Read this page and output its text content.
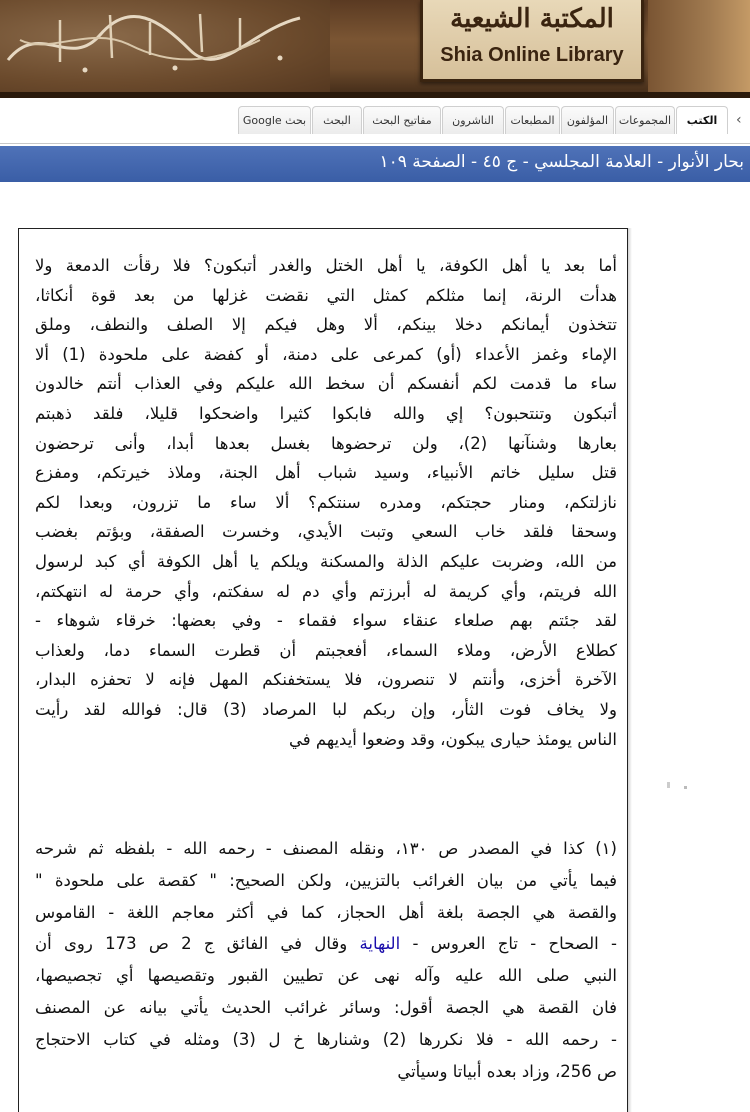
المكتبة الشيعية
Shia Online Library
الكتب
المجموعات
المؤلفون
المطبعات
الناشرون
مفاتيح البحث
البحث
بحث Google	‹
بحار الأنوار - العلامة المجلسي - ج ٤٥ - الصفحة ١٠٩
أما بعد يا أهل الكوفة، يا أهل الختل والغدر أتبكون؟ فلا رقأت الدمعة ولا
هدأت الرنة، إنما مثلكم كمثل التي نقضت غزلها من بعد قوة أنكاثا،
تتخذون أيمانكم دخلا بينكم، ألا وهل فيكم إلا الصلف والنطف، وملق
الإماء وغمز الأعداء (أو) كمرعى على دمنة، أو كفضة على ملحودة (1) ألا
ساء ما قدمت لكم أنفسكم أن سخط الله عليكم وفي العذاب أنتم خالدون
أتبكون وتنتحبون؟ إي والله فابكوا كثيرا واضحكوا قليلا، فلقد ذهبتم
بعارها وشنآنها (2)، ولن ترحضوها بغسل بعدها أبدا، وأنى ترحضون
قتل سليل خاتم الأنبياء، وسيد شباب أهل الجنة، وملاذ خيرتكم، ومفزع
نازلتكم، ومنار حجتكم، ومدره سنتكم؟ ألا ساء ما تزرون، وبعدا لكم
وسحقا فلقد خاب السعي وتبت الأيدي، وخسرت الصفقة، وبؤتم بغضب
من الله، وضربت عليكم الذلة والمسكنة ويلكم يا أهل الكوفة أي كبد لرسول
الله فريتم، وأي كريمة له أبرزتم وأي دم له سفكتم، وأي حرمة له انتهكتم،
لقد جئتم بهم صلعاء عنقاء سواء فقماء - وفي بعضها: خرقاء شوهاء -
كطلاع الأرض، وملاء السماء، أفعجبتم أن قطرت السماء دما، ولعذاب
الآخرة أخزى، وأنتم لا تنصرون، فلا يستخفنكم المهل فإنه لا تحفزه البدار،
ولا يخاف فوت الثأر، وإن ربكم لبا المرصاد (3) قال: فوالله لقد رأيت
الناس يومئذ حيارى يبكون، وقد وضعوا أيديهم في
(١) كذا في المصدر ص ١٣٠، ونقله المصنف - رحمه الله - بلفظه ثم شرحه
فيما يأتي من بيان الغرائب بالتزيين، ولكن الصحيح: " كقصة على ملحودة "
والقصة هي الجصة بلغة أهل الحجاز، كما في أكثر معاجم اللغة - القاموس
- الصحاح - تاج العروس - النهاية وقال في الفائق ج 2 ص 173 روى أن
النبي صلى الله عليه وآله نهى عن تطيين القبور وتقصيصها أي تجصيصها،
فان القصة هي الجصة أقول: وسائر غرائب الحديث يأتي بيانه عن المصنف
- رحمه الله - فلا نكررها (2) وشنارها خ ل (3) ومثله في كتاب الاحتجاج
ص 256، وزاد بعده أبياتا وسيأتي
